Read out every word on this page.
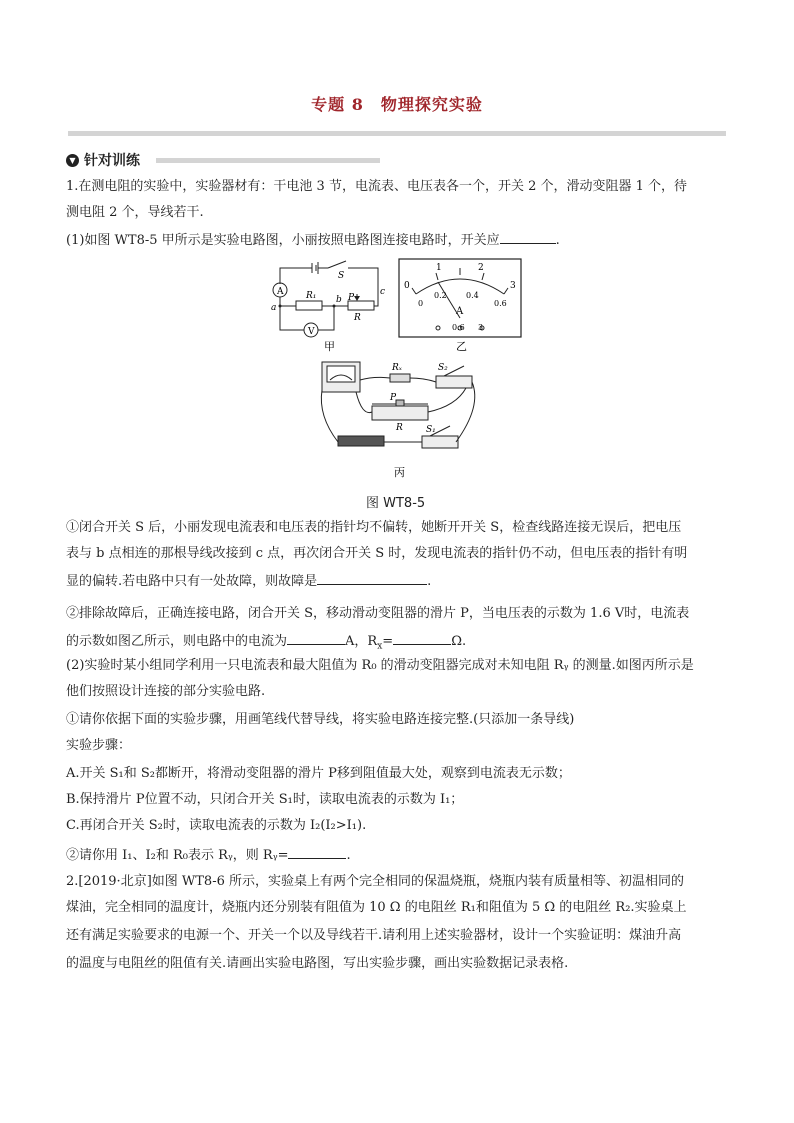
专题 8　物理探究实验
▼ 针对训练
1.在测电阻的实验中，实验器材有：干电池 3 节，电流表、电压表各一个，开关 2 个，滑动变阻器 1 个，待
测电阻 2 个，导线若干.
(1)如图 WT8-5 甲所示是实验电路图，小丽按照电路图连接电路时，开关应	.
A
V
S
R₁
R
P
a
b
c
甲
0
1	2
3
0
0.2 0.4
0.6
A
0.6 3
乙
Rₓ	S₂
S₁
P
R
丙
图 WT8-5
①闭合开关 S 后，小丽发现电流表和电压表的指针均不偏转，她断开开关 S，检查线路连接无误后，把电压
表与 b 点相连的那根导线改接到 c 点，再次闭合开关 S 时，发现电流表的指针仍不动，但电压表的指针有明
显的偏转.若电路中只有一处故障，则故障是	.
②排除故障后，正确连接电路，闭合开关 S，移动滑动变阻器的滑片 P，当电压表的示数为 1.6 V时，电流表
的示数如图乙所示，则电路中的电流为	A，$R_x=$	Ω.
(2)实验时某小组同学利用一只电流表和最大阻值为 R₀ 的滑动变阻器完成对未知电阻 Rᵧ 的测量.如图丙所示是
他们按照设计连接的部分实验电路.
①请你依据下面的实验步骤，用画笔线代替导线，将实验电路连接完整.(只添加一条导线)
实验步骤：
A.开关 S₁和 S₂都断开，将滑动变阻器的滑片 P移到阻值最大处，观察到电流表无示数；
B.保持滑片 P位置不动，只闭合开关 S₁时，读取电流表的示数为 I₁；
C.再闭合开关 S₂时，读取电流表的示数为 I₂(I₂>I₁).
②请你用 I₁、I₂和 R₀表示 Rᵧ，则 Rᵧ=	.
2.[2019·北京]如图 WT8-6 所示，实验桌上有两个完全相同的保温烧瓶，烧瓶内装有质量相等、初温相同的
煤油，完全相同的温度计，烧瓶内还分别装有阻值为 10 Ω 的电阻丝 R₁和阻值为 5 Ω 的电阻丝 R₂.实验桌上
还有满足实验要求的电源一个、开关一个以及导线若干.请利用上述实验器材，设计一个实验证明：煤油升高
的温度与电阻丝的阻值有关.请画出实验电路图，写出实验步骤，画出实验数据记录表格.
